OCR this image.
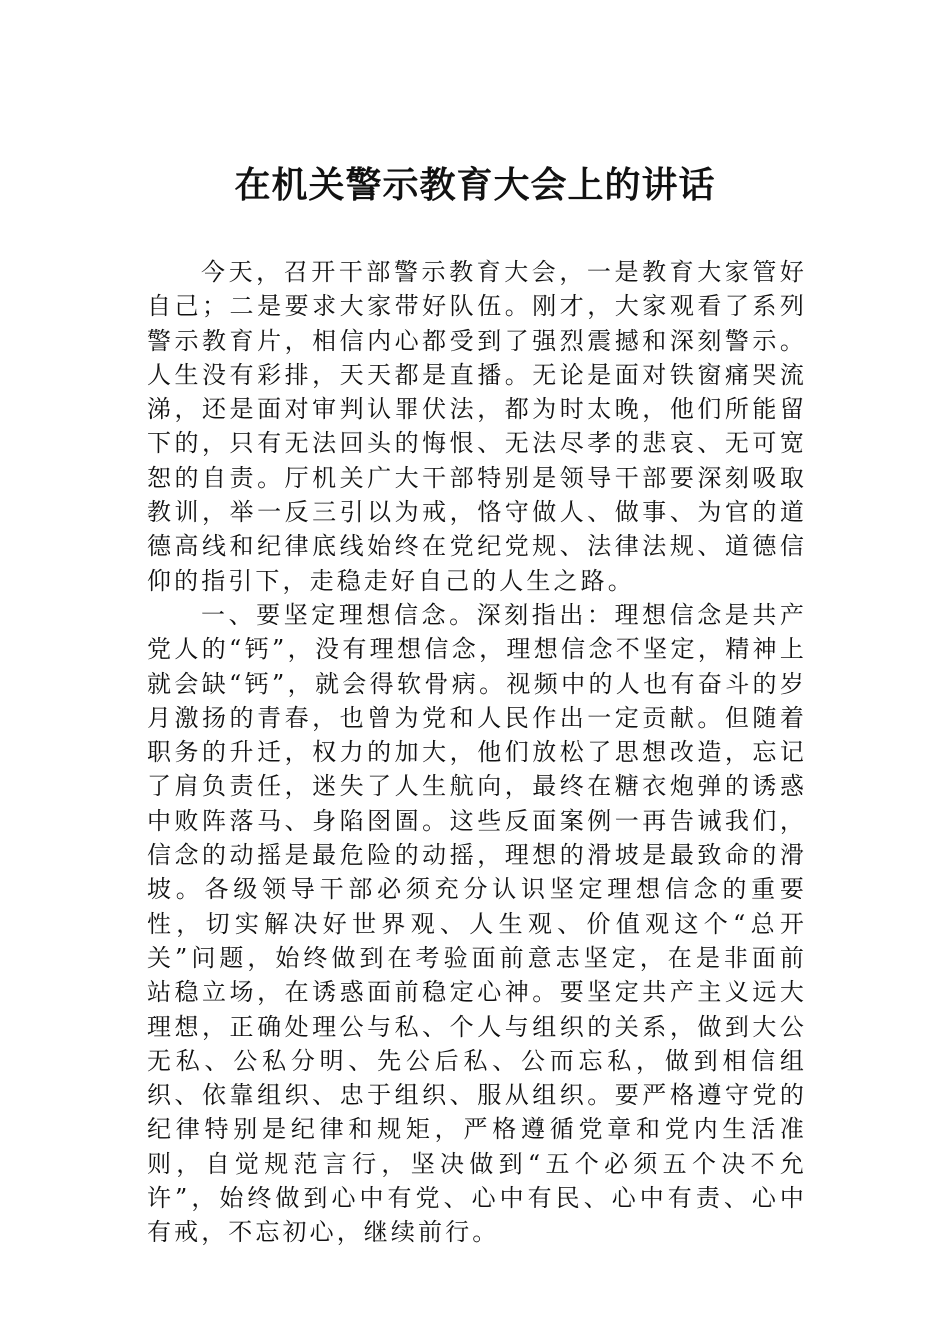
在机关警示教育大会上的讲话

今天，召开干部警示教育大会，一是教育大家管好自己；二是要求大家带好队伍。刚才，大家观看了系列警示教育片，相信内心都受到了强烈震撼和深刻警示。人生没有彩排，天天都是直播。无论是面对铁窗痛哭流涕，还是面对审判认罪伏法，都为时太晚，他们所能留下的，只有无法回头的悔恨、无法尽孝的悲哀、无可宽恕的自责。厅机关广大干部特别是领导干部要深刻吸取教训，举一反三引以为戒，恪守做人、做事、为官的道德高线和纪律底线始终在党纪党规、法律法规、道德信仰的指引下，走稳走好自己的人生之路。

一、要坚定理想信念。深刻指出：理想信念是共产党人的“钙”，没有理想信念，理想信念不坚定，精神上就会缺“钙”，就会得软骨病。视频中的人也有奋斗的岁月激扬的青春，也曾为党和人民作出一定贡献。但随着职务的升迁，权力的加大，他们放松了思想改造，忘记了肩负责任，迷失了人生航向，最终在糖衣炮弹的诱惑中败阵落马、身陷囹圄。这些反面案例一再告诫我们，信念的动摇是最危险的动摇，理想的滑坡是最致命的滑坡。各级领导干部必须充分认识坚定理想信念的重要性，切实解决好世界观、人生观、价值观这个“总开关”问题，始终做到在考验面前意志坚定，在是非面前站稳立场，在诱惑面前稳定心神。要坚定共产主义远大理想，正确处理公与私、个人与组织的关系，做到大公无私、公私分明、先公后私、公而忘私，做到相信组织、依靠组织、忠于组织、服从组织。要严格遵守党的纪律特别是纪律和规矩，严格遵循党章和党内生活准则，自觉规范言行，坚决做到“五个必须五个决不允许”，始终做到心中有党、心中有民、心中有责、心中有戒，不忘初心，继续前行。
